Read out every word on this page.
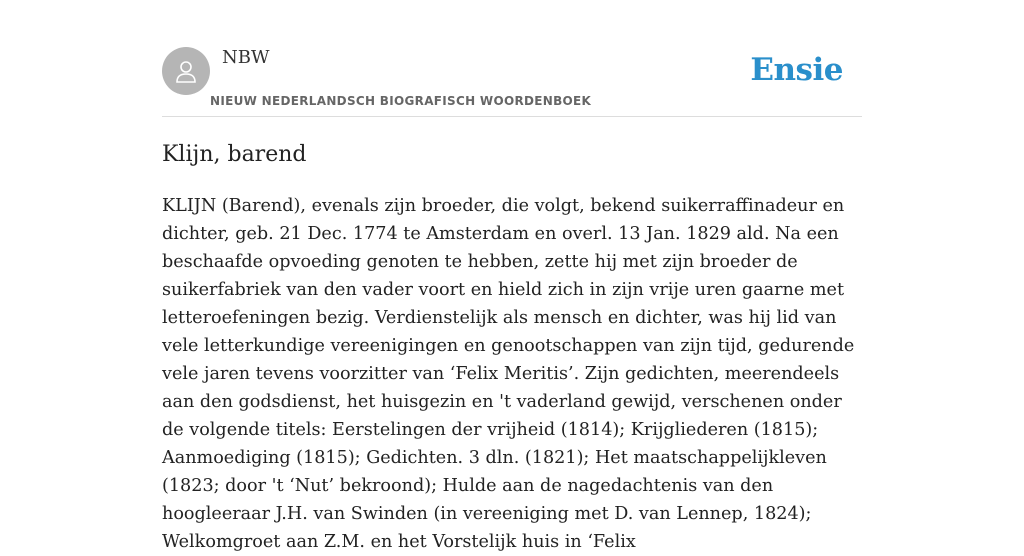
NBW
NIEUW NEDERLANDSCH BIOGRAFISCH WOORDENBOEK
Ensie
Klijn, barend

KLIJN (Barend), evenals zijn broeder, die volgt, bekend suikerraffinadeur en dichter, geb. 21 Dec. 1774 te Amsterdam en overl. 13 Jan. 1829 ald. Na een beschaafde opvoeding genoten te hebben, zette hij met zijn broeder de suikerfabriek van den vader voort en hield zich in zijn vrije uren gaarne met letteroefeningen bezig. Verdienstelijk als mensch en dichter, was hij lid van vele letterkundige vereenigingen en genootschappen van zijn tijd, gedurende vele jaren tevens voorzitter van ‘Felix Meritis’. Zijn gedichten, meerendeels aan den godsdienst, het huisgezin en 't vaderland gewijd, verschenen onder de volgende titels: Eerstelingen der vrijheid (1814); Krijgliederen (1815); Aanmoediging (1815); Gedichten. 3 dln. (1821); Het maatschappelijkleven (1823; door 't ‘Nut’ bekroond); Hulde aan de nagedachtenis van den hoogleeraar J.H. van Swinden (in vereeniging met D. van Lennep, 1824); Welkomgroet aan Z.M. en het Vorstelijk huis in ‘Felix
